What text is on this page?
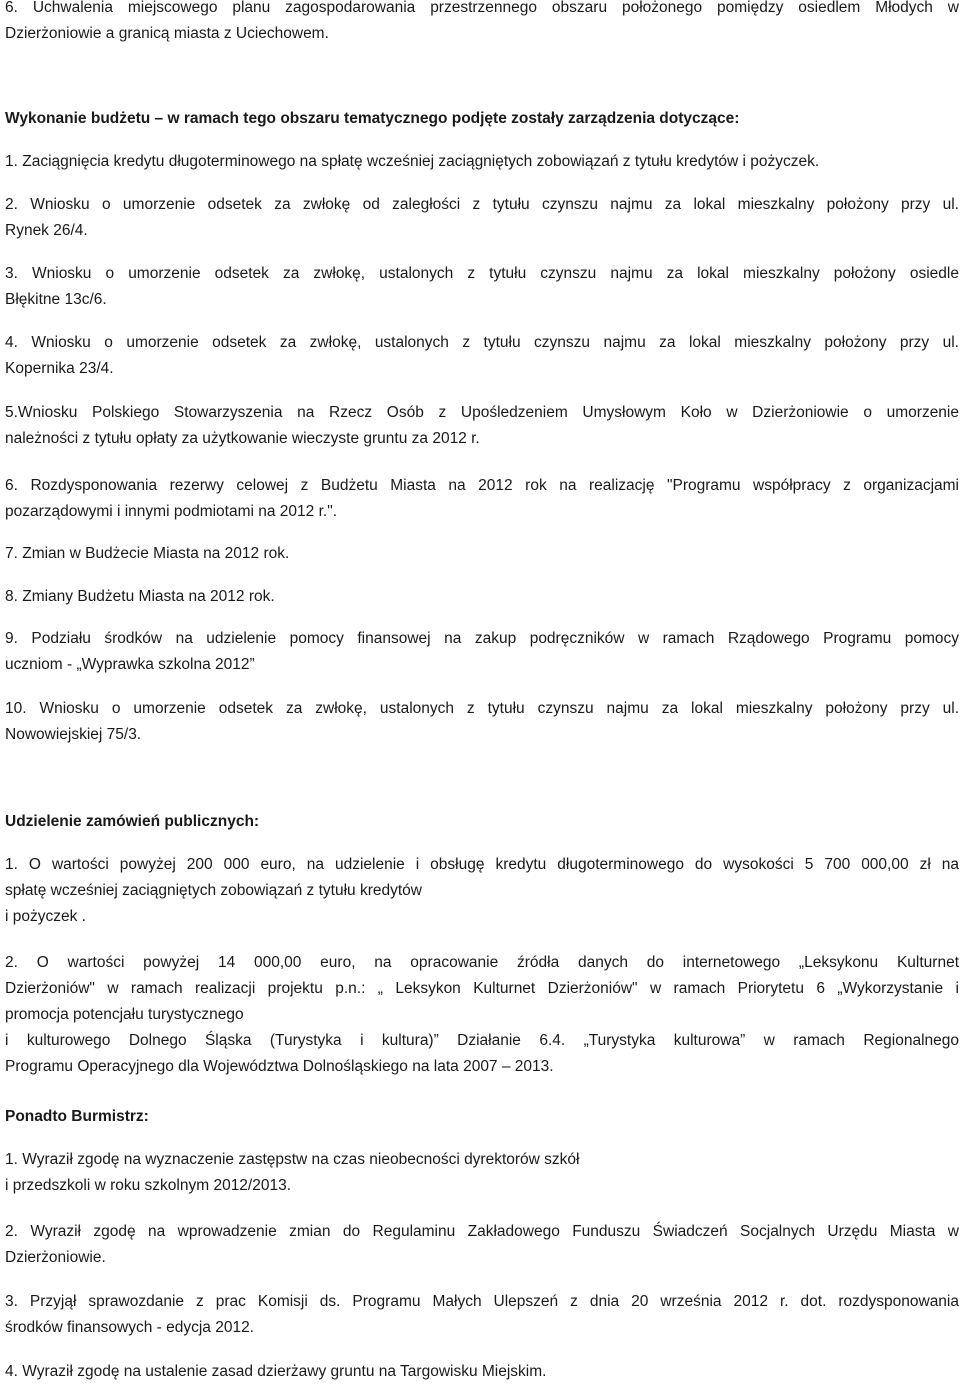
6. Uchwalenia miejscowego planu zagospodarowania przestrzennego obszaru położonego pomiędzy osiedlem Młodych w
Dzierżoniowie a granicą miasta z Uciechowem.
Wykonanie budżetu – w ramach tego obszaru tematycznego podjęte zostały zarządzenia dotyczące:
1. Zaciągnięcia kredytu długoterminowego na spłatę wcześniej zaciągniętych zobowiązań z tytułu kredytów i pożyczek.
2. Wniosku o umorzenie odsetek za zwłokę od zaległości z tytułu czynszu najmu za lokal mieszkalny położony przy ul.
Rynek 26/4.
3. Wniosku o umorzenie odsetek za zwłokę, ustalonych z tytułu czynszu najmu za lokal mieszkalny położony osiedle
Błękitne 13c/6.
4. Wniosku o umorzenie odsetek za zwłokę, ustalonych z tytułu czynszu najmu za lokal mieszkalny położony przy ul.
Kopernika 23/4.
5.Wniosku Polskiego Stowarzyszenia na Rzecz Osób z Upośledzeniem Umysłowym Koło w Dzierżoniowie o umorzenie
należności z tytułu opłaty za użytkowanie wieczyste gruntu za 2012 r.
6. Rozdysponowania rezerwy celowej z Budżetu Miasta na 2012 rok na realizację "Programu współpracy z organizacjami
pozarządowymi i innymi podmiotami na 2012 r.".
7. Zmian w Budżecie Miasta na 2012 rok.
8. Zmiany Budżetu Miasta na 2012 rok.
9. Podziału środków na udzielenie pomocy finansowej na zakup podręczników w ramach Rządowego Programu pomocy
uczniom - „Wyprawka szkolna 2012”
10. Wniosku o umorzenie odsetek za zwłokę, ustalonych z tytułu czynszu najmu za lokal mieszkalny położony przy ul.
Nowowiejskiej 75/3.
Udzielenie zamówień publicznych:
1. O wartości powyżej 200 000 euro, na udzielenie i obsługę kredytu długoterminowego do wysokości 5 700 000,00 zł na
spłatę wcześniej zaciągniętych zobowiązań z tytułu kredytów
i pożyczek .
2. O wartości powyżej 14 000,00 euro, na opracowanie źródła danych do internetowego „Leksykonu Kulturnet
Dzierżoniów" w ramach realizacji projektu p.n.: „ Leksykon Kulturnet Dzierżoniów" w ramach Priorytetu 6 „Wykorzystanie i
promocja potencjału turystycznego
i kulturowego Dolnego Śląska (Turystyka i kultura)” Działanie 6.4. „Turystyka kulturowa” w ramach Regionalnego
Programu Operacyjnego dla Województwa Dolnośląskiego na lata 2007 – 2013.
Ponadto Burmistrz:
1. Wyraził zgodę na wyznaczenie zastępstw na czas nieobecności dyrektorów szkół
i przedszkoli w roku szkolnym 2012/2013.
2. Wyraził zgodę na wprowadzenie zmian do Regulaminu Zakładowego Funduszu Świadczeń Socjalnych Urzędu Miasta w
Dzierżoniowie.
3. Przyjął sprawozdanie z prac Komisji ds. Programu Małych Ulepszeń z dnia 20 września 2012 r. dot. rozdysponowania
środków finansowych - edycja 2012.
4. Wyraził zgodę na ustalenie zasad dzierżawy gruntu na Targowisku Miejskim.
